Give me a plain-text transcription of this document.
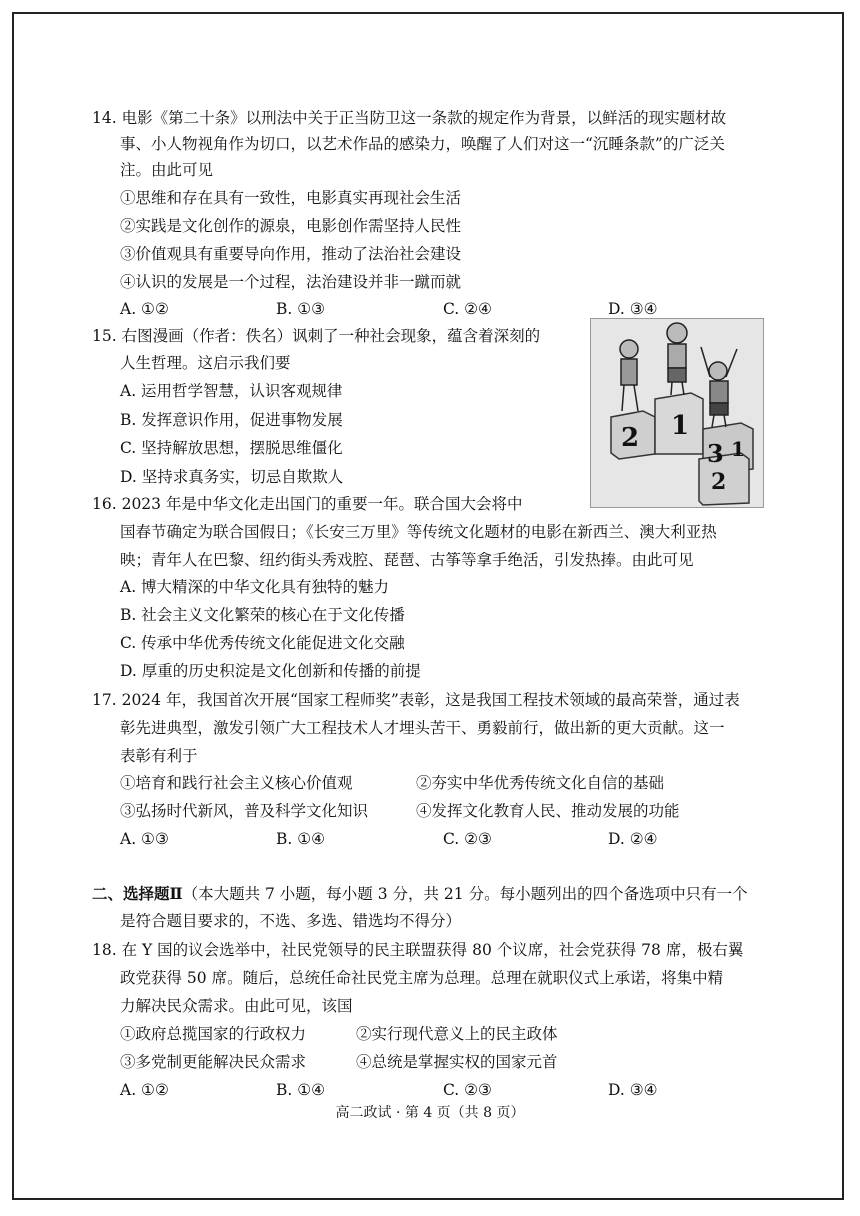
14. 电影《第二十条》以刑法中关于正当防卫这一条款的规定作为背景，以鲜活的现实题材故
事、小人物视角作为切口，以艺术作品的感染力，唤醒了人们对这一“沉睡条款”的广泛关
注。由此可见
①思维和存在具有一致性，电影真实再现社会生活
②实践是文化创作的源泉，电影创作需坚持人民性
③价值观具有重要导向作用，推动了法治社会建设
④认识的发展是一个过程，法治建设并非一蹴而就
A. ①②	B. ①③	C. ②④	D. ③④
15. 右图漫画（作者：佚名）讽刺了一种社会现象，蕴含着深刻的
人生哲理。这启示我们要
A. 运用哲学智慧，认识客观规律
B. 发挥意识作用，促进事物发展
C. 坚持解放思想，摆脱思维僵化
D. 坚持求真务实，切忌自欺欺人
2 1
3 1
2
16. 2023 年是中华文化走出国门的重要一年。联合国大会将中
国春节确定为联合国假日；《长安三万里》等传统文化题材的电影在新西兰、澳大利亚热
映；青年人在巴黎、纽约街头秀戏腔、琵琶、古筝等拿手绝活，引发热捧。由此可见
A. 博大精深的中华文化具有独特的魅力
B. 社会主义文化繁荣的核心在于文化传播
C. 传承中华优秀传统文化能促进文化交融
D. 厚重的历史积淀是文化创新和传播的前提
17. 2024 年，我国首次开展“国家工程师奖”表彰，这是我国工程技术领域的最高荣誉，通过表
彰先进典型，激发引领广大工程技术人才埋头苦干、勇毅前行，做出新的更大贡献。这一
表彰有利于
①培育和践行社会主义核心价值观	②夯实中华优秀传统文化自信的基础
③弘扬时代新风，普及科学文化知识	④发挥文化教育人民、推动发展的功能
A. ①③	B. ①④	C. ②③	D. ②④
二、选择题Ⅱ（本大题共 7 小题，每小题 3 分，共 21 分。每小题列出的四个备选项中只有一个
是符合题目要求的，不选、多选、错选均不得分）
18. 在 Y 国的议会选举中，社民党领导的民主联盟获得 80 个议席，社会党获得 78 席，极右翼
政党获得 50 席。随后，总统任命社民党主席为总理。总理在就职仪式上承诺，将集中精
力解决民众需求。由此可见，该国
①政府总揽国家的行政权力	②实行现代意义上的民主政体
③多党制更能解决民众需求	④总统是掌握实权的国家元首
A. ①②	B. ①④	C. ②③	D. ③④
高二政试 · 第 4 页（共 8 页）
